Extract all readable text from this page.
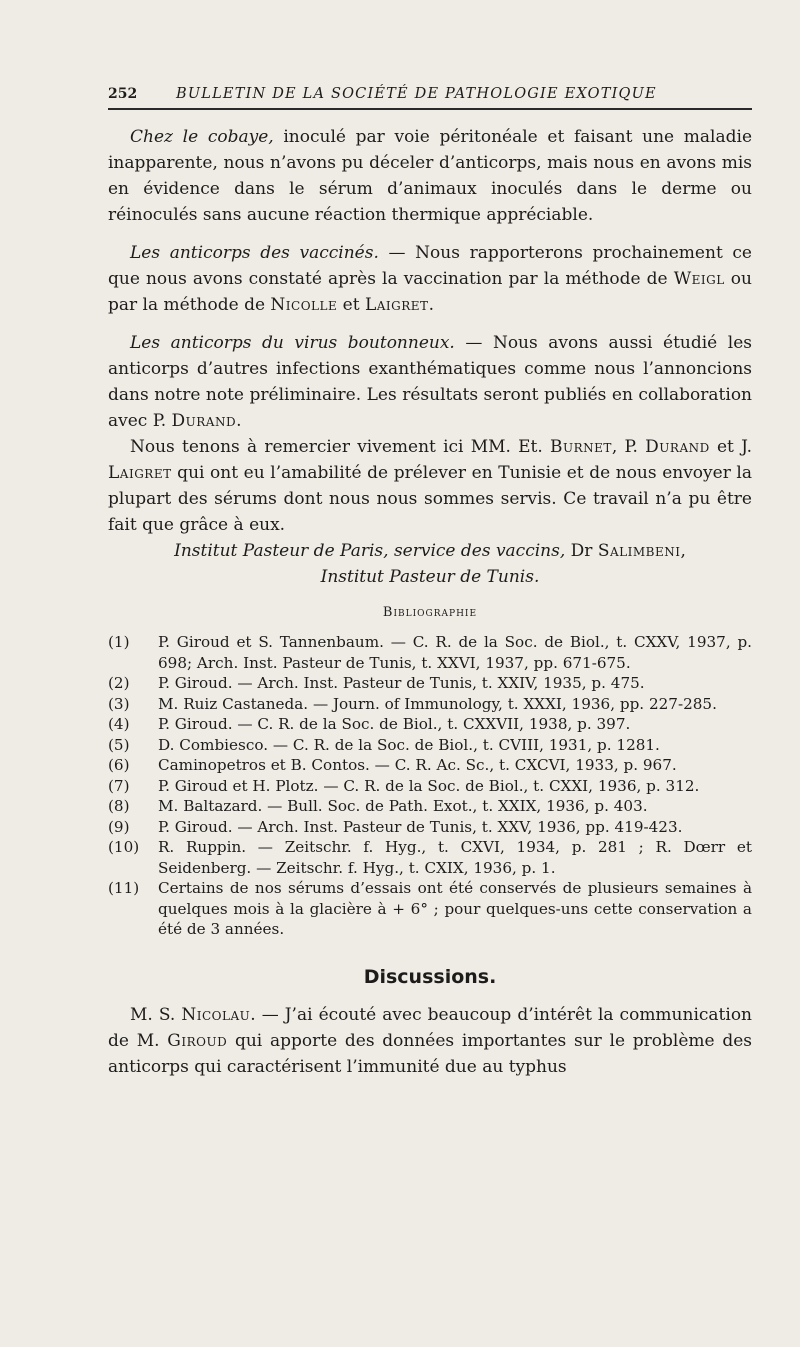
252	BULLETIN DE LA SOCIÉTÉ DE PATHOLOGIE EXOTIQUE

Chez le cobaye, inoculé par voie péritonéale et faisant une maladie inapparente, nous n’avons pu déceler d’anticorps, mais nous en avons mis en évidence dans le sérum d’animaux inoculés dans le derme ou réinoculés sans aucune réaction thermique appréciable.

Les anticorps des vaccinés. — Nous rapporterons prochainement ce que nous avons constaté après la vaccination par la méthode de Weigl ou par la méthode de Nicolle et Laigret.

Les anticorps du virus boutonneux. — Nous avons aussi étudié les anticorps d’autres infections exanthématiques comme nous l’annoncions dans notre note préliminaire. Les résultats seront publiés en collaboration avec P. Durand.

Nous tenons à remercier vivement ici MM. Et. Burnet, P. Durand et J. Laigret qui ont eu l’amabilité de prélever en Tunisie et de nous envoyer la plupart des sérums dont nous nous sommes servis. Ce travail n’a pu être fait que grâce à eux.

Institut Pasteur de Paris, service des vaccins, Dr Salimbeni,

Institut Pasteur de Tunis.

Bibliographie
(1)	P. Giroud et S. Tannenbaum. — C. R. de la Soc. de Biol., t. CXXV, 1937, p. 698; Arch. Inst. Pasteur de Tunis, t. XXVI, 1937, pp. 671-675.
(2)	P. Giroud. — Arch. Inst. Pasteur de Tunis, t. XXIV, 1935, p. 475.
(3)	M. Ruiz Castaneda. — Journ. of Immunology, t. XXXI, 1936, pp. 227-285.
(4)	P. Giroud. — C. R. de la Soc. de Biol., t. CXXVII, 1938, p. 397.
(5)	D. Combiesco. — C. R. de la Soc. de Biol., t. CVIII, 1931, p. 1281.
(6)	Caminopetros et B. Contos. — C. R. Ac. Sc., t. CXCVI, 1933, p. 967.
(7)	P. Giroud et H. Plotz. — C. R. de la Soc. de Biol., t. CXXI, 1936, p. 312.
(8)	M. Baltazard. — Bull. Soc. de Path. Exot., t. XXIX, 1936, p. 403.
(9)	P. Giroud. — Arch. Inst. Pasteur de Tunis, t. XXV, 1936, pp. 419-423.
(10)	R. Ruppin. — Zeitschr. f. Hyg., t. CXVI, 1934, p. 281 ; R. Dœrr et Seidenberg. — Zeitschr. f. Hyg., t. CXIX, 1936, p. 1.
(11)	Certains de nos sérums d’essais ont été conservés de plusieurs semaines à quelques mois à la glacière à + 6° ; pour quelques-uns cette conservation a été de 3 années.
Discussions.

M. S. Nicolau. — J’ai écouté avec beaucoup d’intérêt la communication de M. Giroud qui apporte des données importantes sur le problème des anticorps qui caractérisent l’immunité due au typhus
